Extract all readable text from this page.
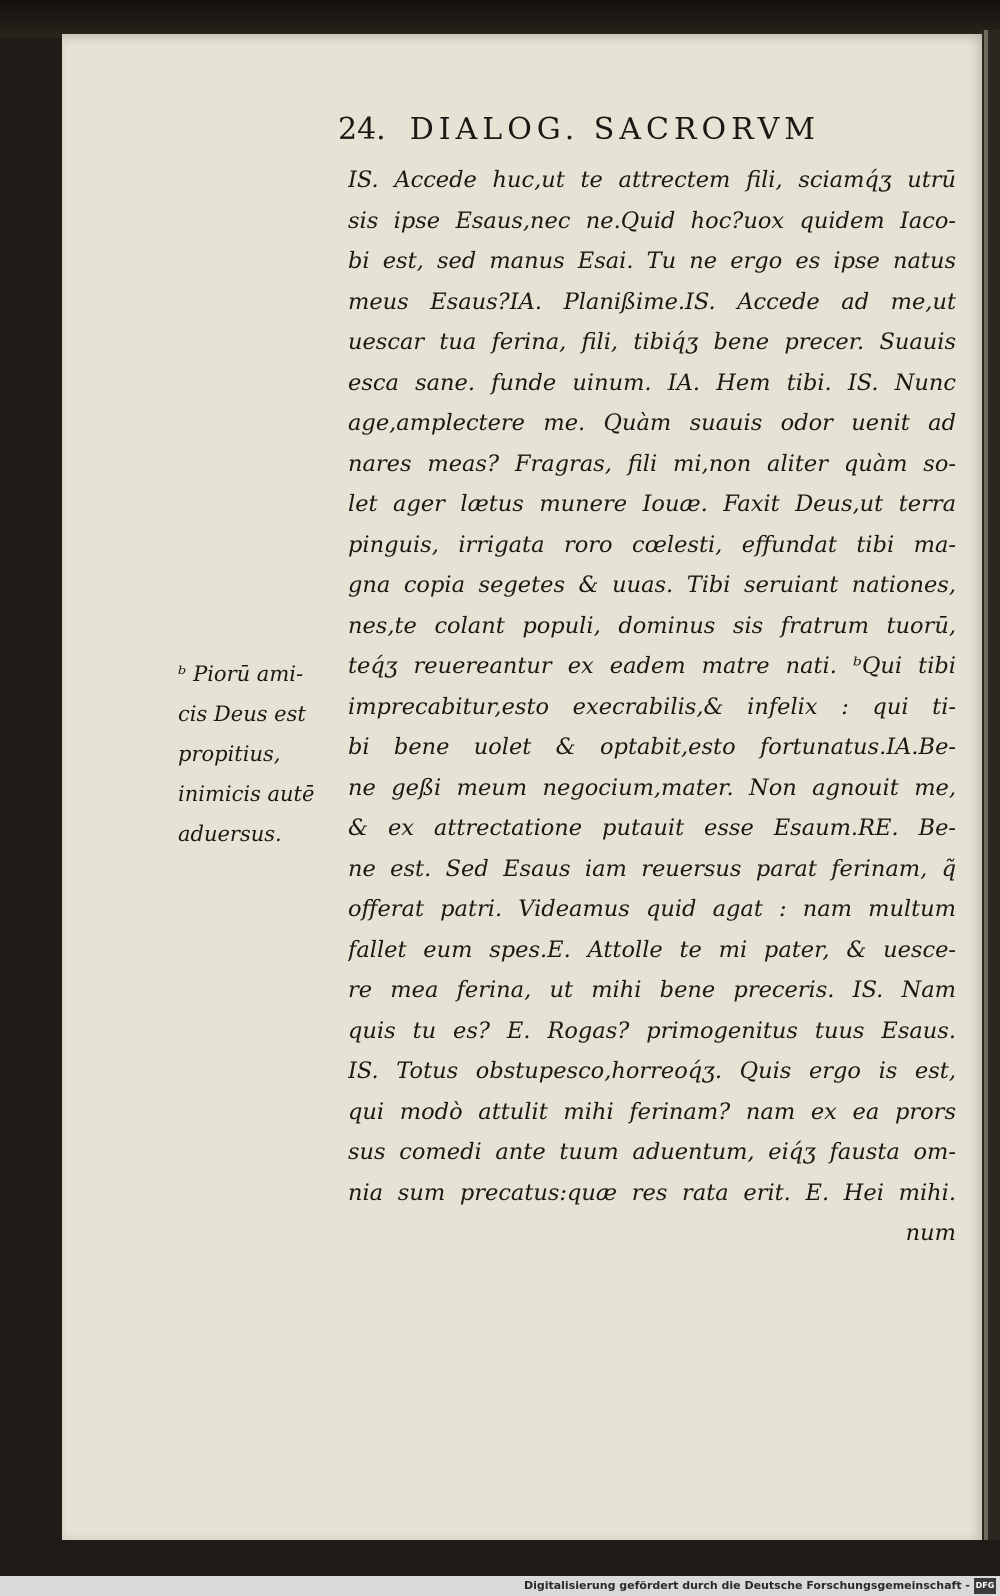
24. DIALOG. SACRORVM
ᵇ Piorū ami-
cis Deus est
propitius,
inimicis autē
aduersus.
IS. Accede huc,ut te attrectem fili, sciamq́ʒ utrū
sis ipse Esaus,nec ne.Quid hoc?uox quidem Iaco-
bi est, sed manus Esai. Tu ne ergo es ipse natus
meus Esaus?IA. Planißime.IS. Accede ad me,ut
uescar tua ferina, fili, tibiq́ʒ bene precer. Suauis
esca sane. funde uinum. IA. Hem tibi. IS. Nunc
age,amplectere me. Quàm suauis odor uenit ad
nares meas? Fragras, fili mi,non aliter quàm so-
let ager lætus munere Iouæ. Faxit Deus,ut terra
pinguis, irrigata roro cœlesti, effundat tibi ma-
gna copia segetes & uuas. Tibi seruiant nationes,
nes,te colant populi, dominus sis fratrum tuorū,
teq́ʒ reuereantur ex eadem matre nati. ᵇQui tibi
imprecabitur,esto execrabilis,& infelix : qui ti-
bi bene uolet & optabit,esto fortunatus.IA.Be-
ne geßi meum negocium,mater. Non agnouit me,
& ex attrectatione putauit esse Esaum.RE. Be-
ne est. Sed Esaus iam reuersus parat ferinam, q̃
offerat patri. Videamus quid agat : nam multum
fallet eum spes.E. Attolle te mi pater, & uesce-
re mea ferina, ut mihi bene preceris. IS. Nam
quis tu es? E. Rogas? primogenitus tuus Esaus.
IS. Totus obstupesco,horreoq́ʒ. Quis ergo is est,
qui modò attulit mihi ferinam? nam ex ea prors
sus comedi ante tuum aduentum, eiq́ʒ fausta om-
nia sum precatus:quæ res rata erit. E. Hei mihi.
num
Digitalisierung gefördert durch die Deutsche Forschungsgemeinschaft - DFG
